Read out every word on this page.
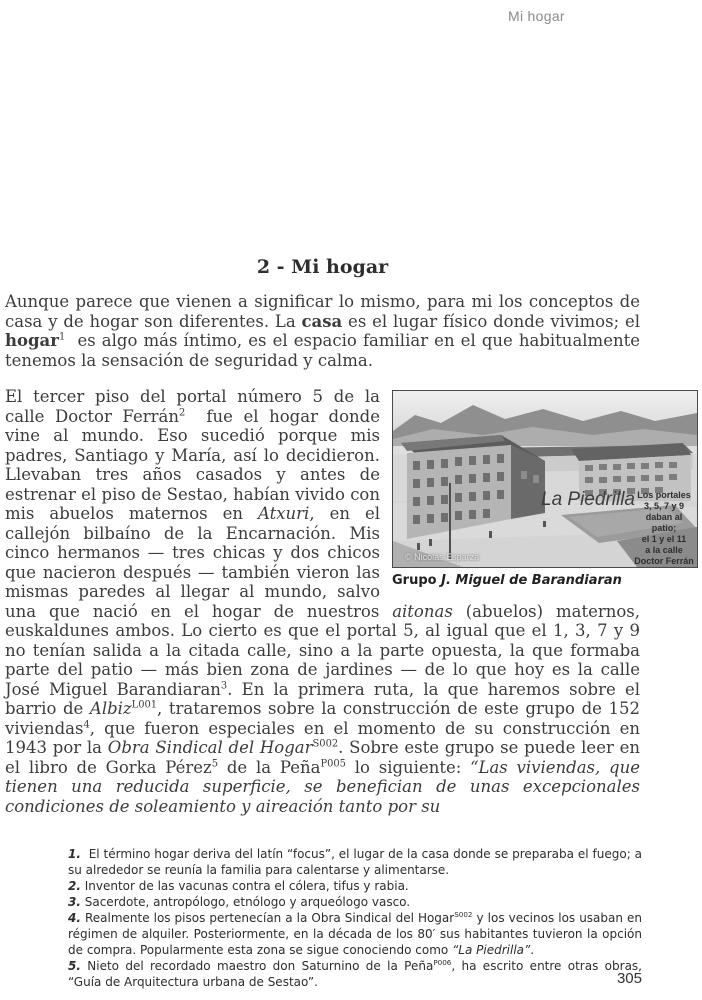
Mi hogar
2 - Mi hogar

Aunque parece que vienen a significar lo mismo, para mi los conceptos de casa y de hogar son diferentes. La casa es el lugar físico donde vivimos; el hogar$^1$  es algo más íntimo, es el espacio familiar en el que habitualmente tenemos la sensación de seguridad y calma.

La Piedrilla Los portales
3, 5, 7 y 9
daban al patio;
el 1 y el 11
a la calle
Doctor Ferrán
© Nicolás Esparza
Grupo J. Miguel de Barandiaran

El tercer piso del portal número 5 de la calle Doctor Ferrán$^2$  fue el hogar donde vine al mundo. Eso sucedió porque mis padres, Santiago y María, así lo decidieron. Llevaban tres años casados y antes de estrenar el piso de Sestao, habían vivido con mis abuelos maternos en Atxuri, en el callejón bilbaíno de la Encarnación. Mis cinco hermanos — tres chicas y dos chicos que nacieron después — también vieron las mismas paredes al llegar al mundo, salvo una que nació en el hogar de nuestros aitonas (abuelos) maternos, euskaldunes ambos. Lo cierto es que el portal 5, al igual que el 1, 3, 7 y 9 no tenían salida a la citada calle, sino a la parte opuesta, la que formaba parte del patio — más bien zona de jardines — de lo que hoy es la calle José Miguel Barandiaran$^3$. En la primera ruta, la que haremos sobre el barrio de Albiz$^{L001}$, trataremos sobre la construcción de este grupo de 152 viviendas$^4$, que fueron especiales en el momento de su construcción en 1943 por la Obra Sindical del Hogar$^{S002}$. Sobre este grupo se puede leer en el libro de Gorka Pérez$^5$ de la Peña$^{P005}$ lo siguiente: “Las viviendas, que tienen una reducida superficie, se benefician de unas excepcionales condiciones de soleamiento y aireación tanto por su

1.  El término hogar deriva del latín “focus”, el lugar de la casa donde se preparaba el fuego; a su alrededor se reunía la familia para calentarse y alimentarse.

2. Inventor de las vacunas contra el cólera, tifus y rabia.

3. Sacerdote, antropólogo, etnólogo y arqueólogo vasco.

4. Realmente los pisos pertenecían a la Obra Sindical del Hogar$^{S002}$ y los vecinos los usaban en régimen de alquiler. Posteriormente, en la década de los 80′ sus habitantes tuvieron la opción de compra. Popularmente esta zona se sigue conociendo como “La Piedrilla”.

5. Nieto del recordado maestro don Saturnino de la Peña$^{P006}$, ha escrito entre otras obras, “Guía de Arquitectura urbana de Sestao”.	305
